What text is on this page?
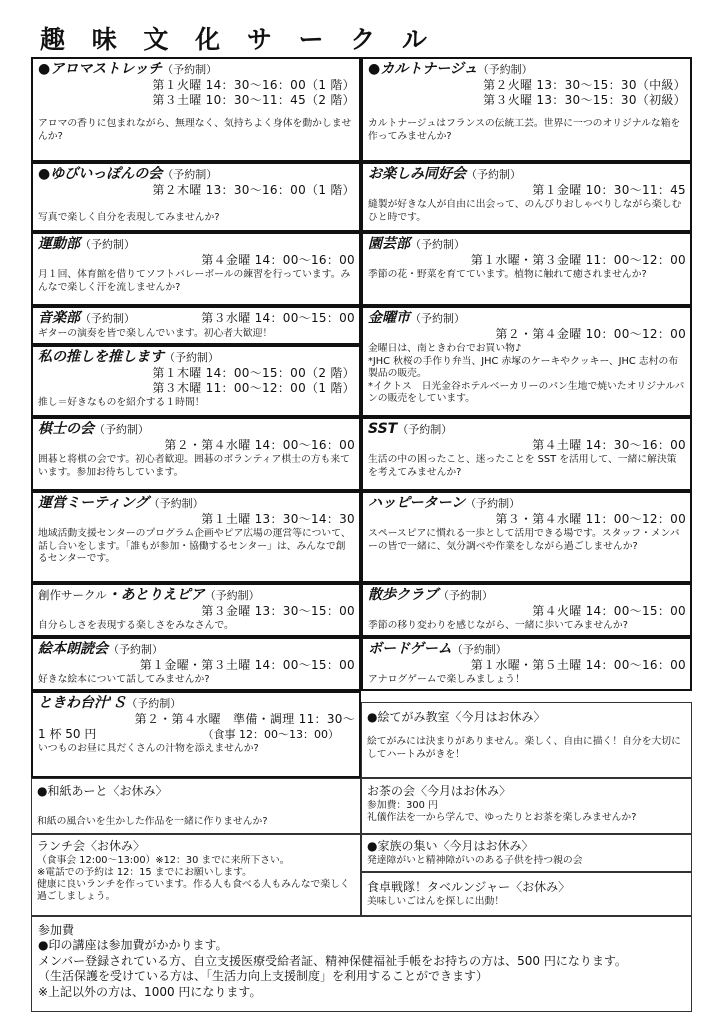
趣 味 文 化 サ ー ク ル
●アロマストレッチ（予約制）
第１火曜 14：30〜16：00（1 階）
第３土曜 10：30〜11：45（2 階）
アロマの香りに包まれながら、無理なく、気持ちよく身体を動かしませんか?
●カルトナージュ（予約制）
第２火曜 13：30〜15：30（中級）
第３火曜 13：30〜15：30（初級）
カルトナージュはフランスの伝統工芸。世界に一つのオリジナルな箱を作ってみませんか?
●ゆびいっぽんの会（予約制）
第２木曜 13：30〜16：00（1 階）
写真で楽しく自分を表現してみませんか?
お楽しみ同好会（予約制）
第１金曜 10：30〜11：45
縫製が好きな人が自由に出会って、のんびりおしゃべりしながら楽しむひと時です。
運動部（予約制）
第４金曜 14：00〜16：00
月１回、体育館を借りてソフトバレーボールの練習を行っています。みんなで楽しく汗を流しませんか?
園芸部（予約制）
第１水曜・第３金曜 11：00〜12：00
季節の花・野菜を育てています。植物に触れて癒されませんか?
音楽部（予約制）	第３水曜 14：00〜15：00
ギターの演奏を皆で楽しんでいます。初心者大歓迎！
私の推しを推します（予約制）
第１木曜 14：00〜15：00（2 階）
第３木曜 11：00〜12：00（1 階）
推し＝好きなものを紹介する１時間！
金曜市（予約制）
第２・第４金曜 10：00〜12：00
金曜日は、南ときわ台でお買い物♪
*JHC 秋桜の手作り弁当、JHC 赤塚のケーキやクッキー、JHC 志村の布製品の販売。
*イクトス　日光金谷ホテルベーカリーのパン生地で焼いたオリジナルパンの販売をしています。
棋士の会（予約制）
第２・第４水曜 14：00〜16：00
囲碁と将棋の会です。初心者歓迎。囲碁のボランティア棋士の方も来ています。参加お待ちしています。
SST（予約制）
第４土曜 14：30〜16：00
生活の中の困ったこと、迷ったことを SST を活用して、一緒に解決策を考えてみませんか?
運営ミーティング（予約制）
第１土曜 13：30〜14：30
地域活動支援センターのプログラム企画やピア広場の運営等について、話し合いをします。「誰もが参加・協働するセンター」は、みんなで創るセンターです。
ハッピーターン（予約制）
第３・第４水曜 11：00〜12：00
スペースピアに慣れる一歩として活用できる場です。スタッフ・メンバーの皆で一緒に、気分調べや作業をしながら過ごしませんか?
創作サークル・あとりえピア（予約制）
第３金曜 13：30〜15：00
自分らしさを表現する楽しさをみなさんで。
散歩クラブ（予約制）
第４火曜 14：00〜15：00
季節の移り変わりを感じながら、一緒に歩いてみませんか?
絵本朗読会（予約制）
第１金曜・第３土曜 14：00〜15：00
好きな絵本について話してみませんか?
ボードゲーム（予約制）
第１水曜・第５土曜 14：00〜16：00
アナログゲームで楽しみましょう！
ときわ台汁'Ｓ（予約制）
第２・第４水曜　準備・調理 11：30〜
1 杯 50 円	（食事 12：00〜13：00）
いつものお昼に具だくさんの汁物を添えませんか?
●絵てがみ教室〈今月はお休み〉
絵てがみには決まりがありません。楽しく、自由に描く！自分を大切にしてハートみがきを！
●和紙あーと〈お休み〉
和紙の風合いを生かした作品を一緒に作りませんか?
お茶の会〈今月はお休み〉
参加費：300 円
礼儀作法を一から学んで、ゆったりとお茶を楽しみませんか?
ランチ会〈お休み〉
（食事会 12:00〜13:00）※12：30 までに来所下さい。
※電話での予約は 12：15 までにお願いします。
健康に良いランチを作っています。作る人も食べる人もみんなで楽しく過ごしましょう。
●家族の集い〈今月はお休み〉
発達障がいと精神障がいのある子供を持つ親の会
食卓戦隊！タベルンジャー〈お休み〉
美味しいごはんを探しに出動！
参加費
●印の講座は参加費がかかります。
メンバー登録されている方、自立支援医療受給者証、精神保健福祉手帳をお持ちの方は、500 円になります。
（生活保護を受けている方は、「生活力向上支援制度」を利用することができます）
※上記以外の方は、1000 円になります。
